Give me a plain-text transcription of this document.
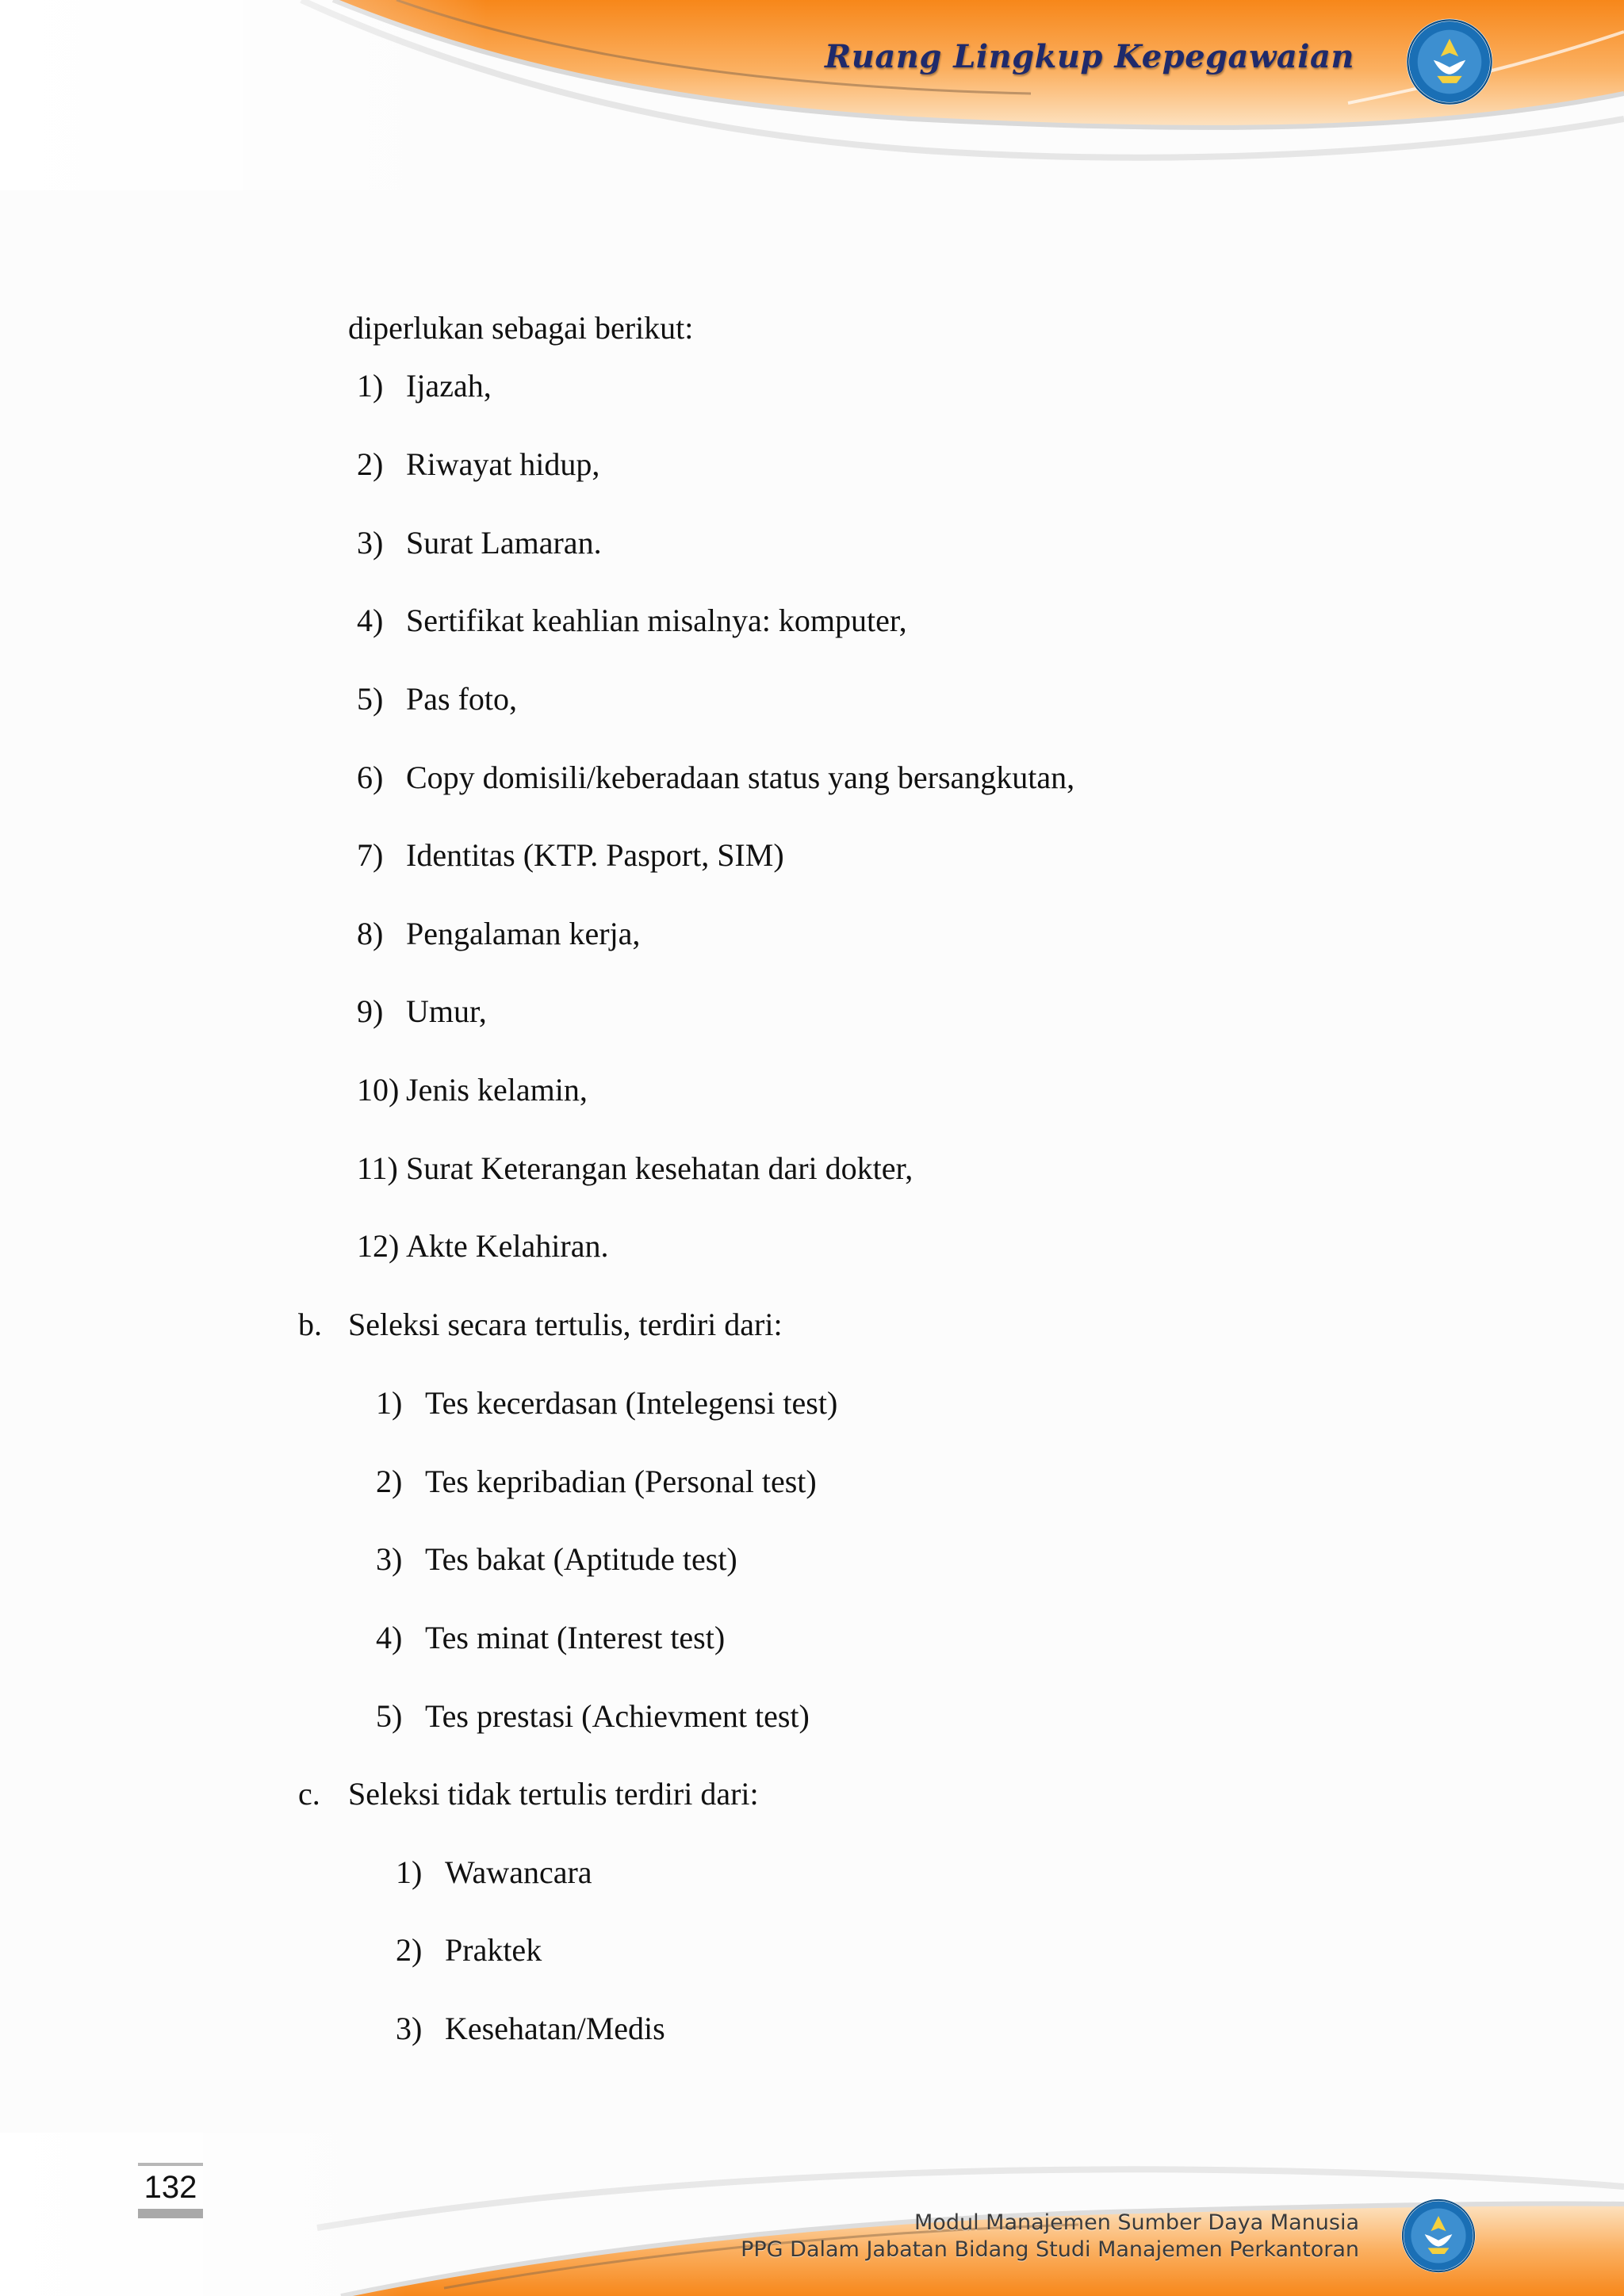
Ruang Lingkup Kepegawaian
diperlukan sebagai berikut:
1) Ijazah,
2) Riwayat hidup,
3) Surat Lamaran.
4) Sertifikat keahlian misalnya: komputer,
5) Pas foto,
6) Copy domisili/keberadaan status yang bersangkutan,
7) Identitas (KTP. Pasport, SIM)
8) Pengalaman kerja,
9) Umur,
10) Jenis kelamin,
11) Surat Keterangan kesehatan dari dokter,
12) Akte Kelahiran.
b. Seleksi secara tertulis, terdiri dari:
1) Tes kecerdasan (Intelegensi test)
2) Tes kepribadian (Personal test)
3) Tes bakat (Aptitude test)
4) Tes minat (Interest test)
5) Tes prestasi (Achievment test)
c. Seleksi tidak tertulis terdiri dari:
1) Wawancara
2) Praktek
3) Kesehatan/Medis
132
Modul Manajemen Sumber Daya Manusia
PPG Dalam Jabatan Bidang Studi Manajemen Perkantoran
